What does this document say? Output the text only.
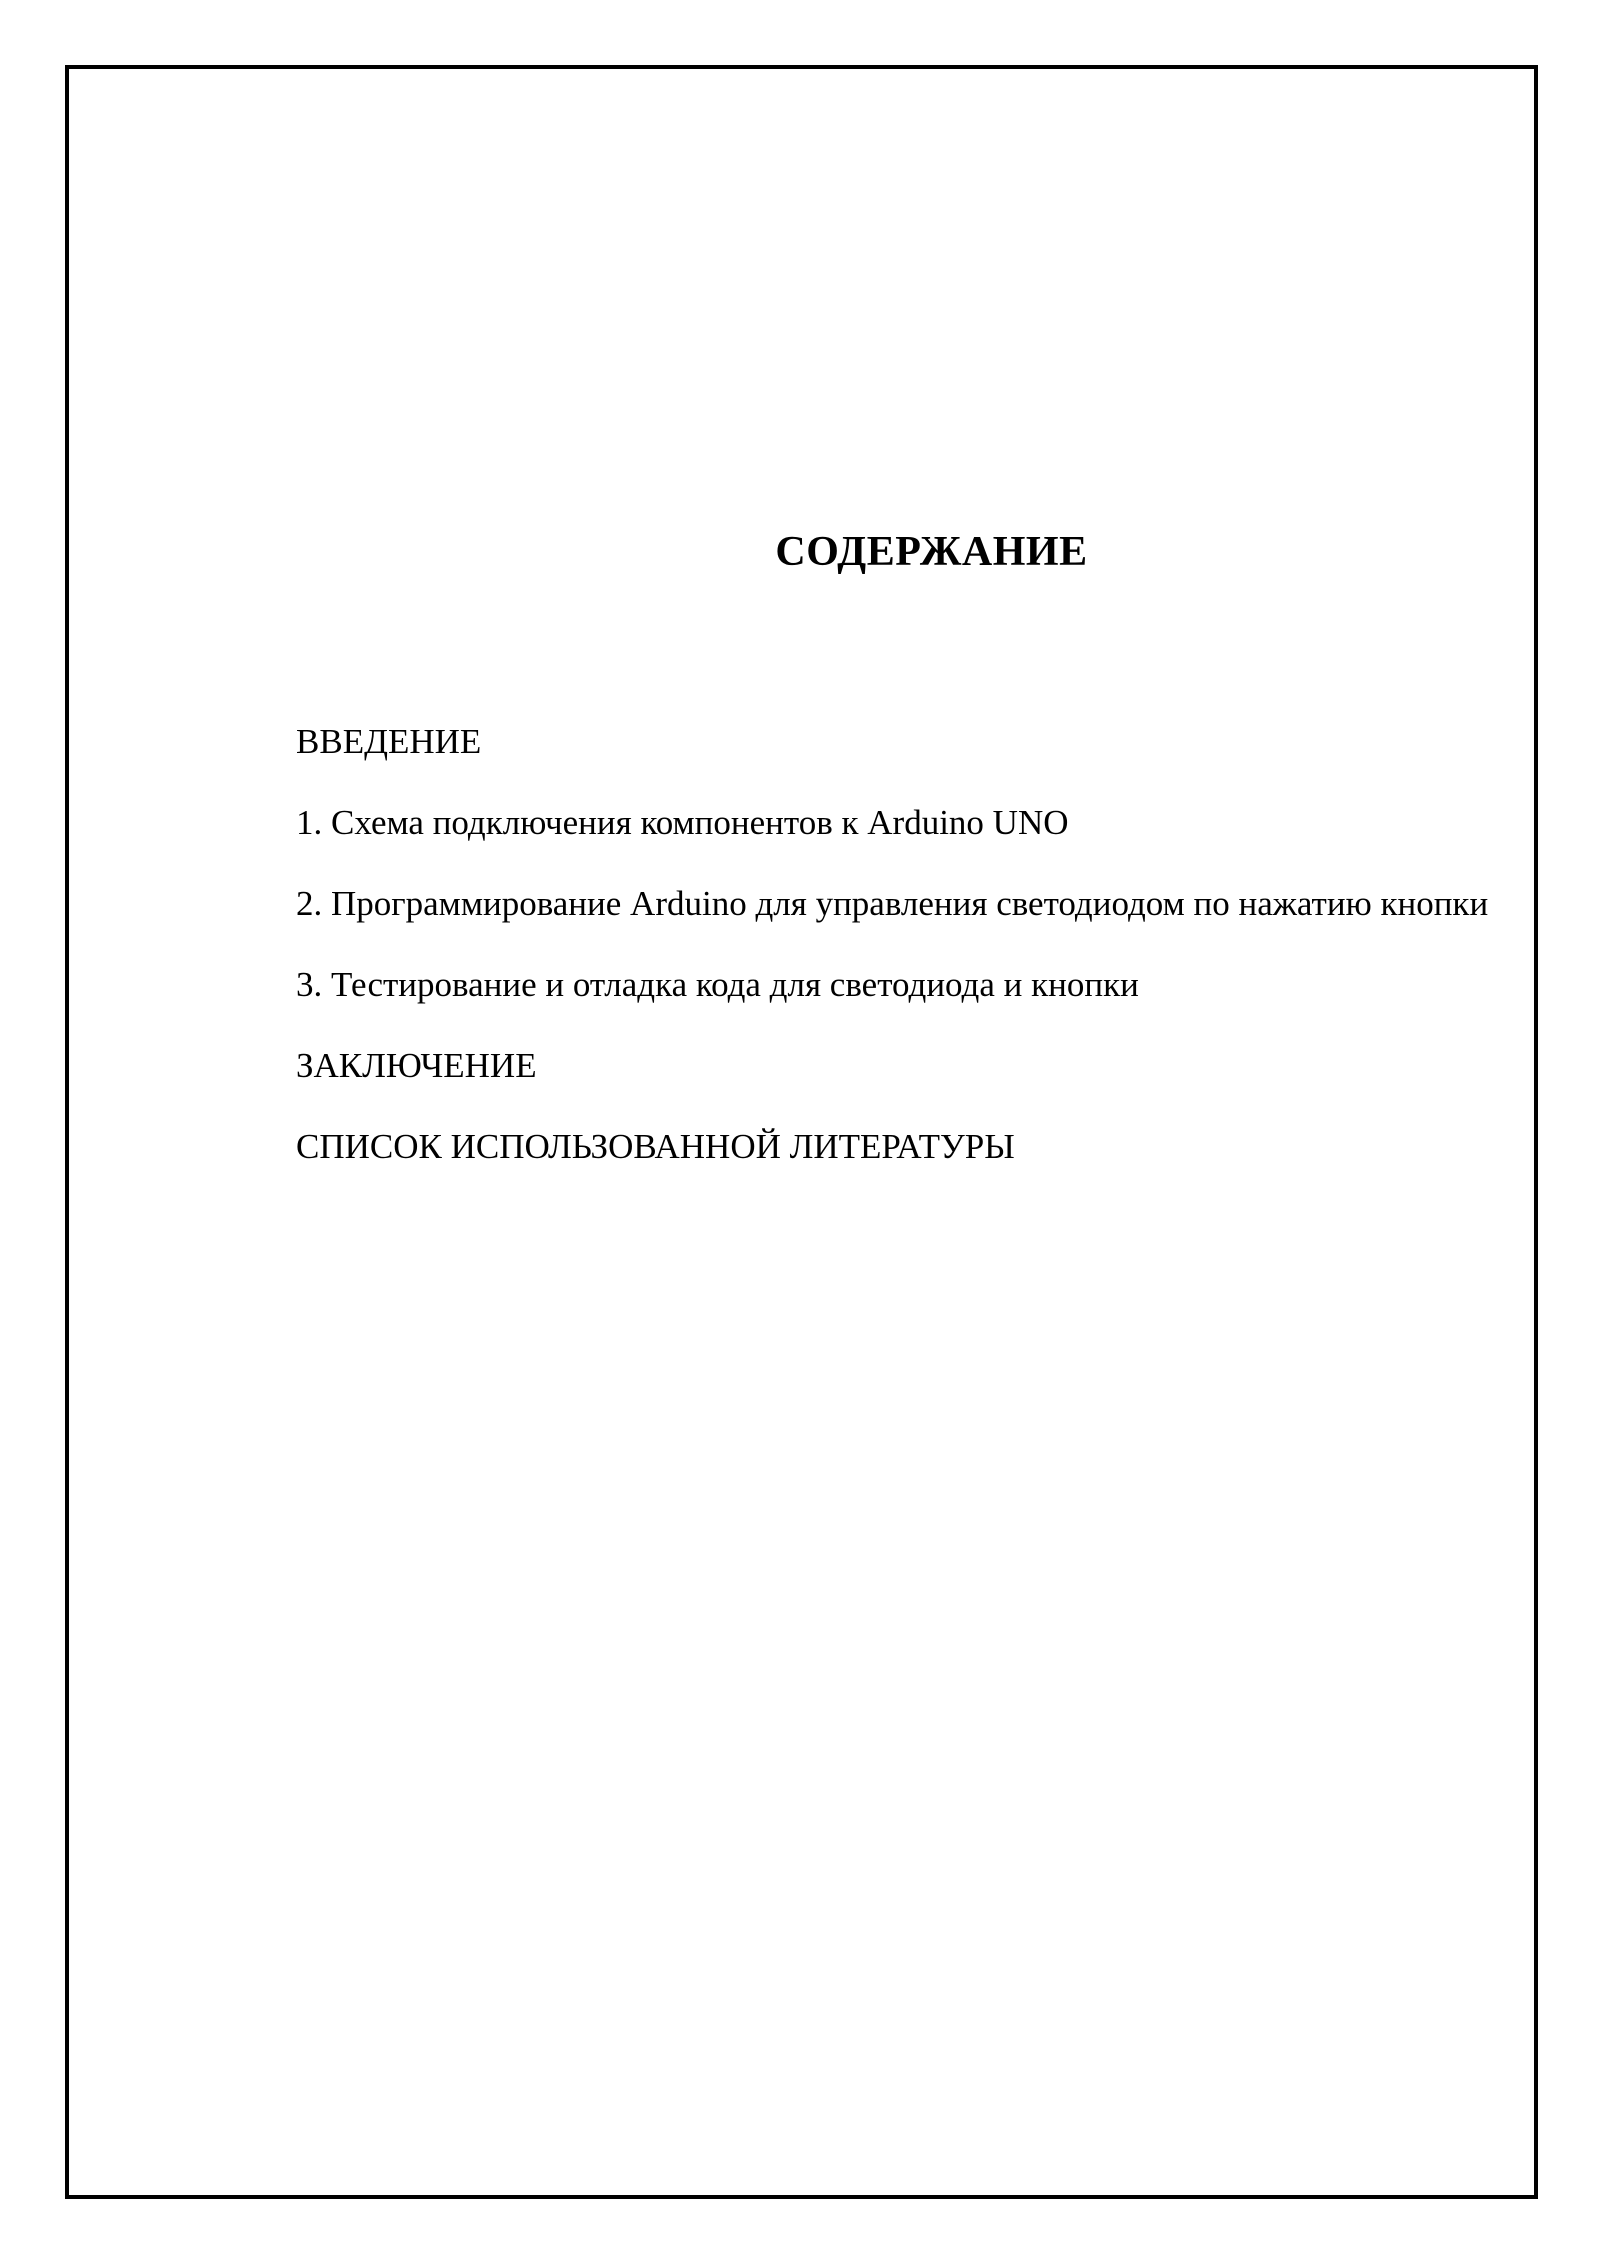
СОДЕРЖАНИЕ
ВВЕДЕНИЕ
1. Схема подключения компонентов к Arduino UNO
2. Программирование Arduino для управления светодиодом по нажатию кнопки
3. Тестирование и отладка кода для светодиода и кнопки
ЗАКЛЮЧЕНИЕ
СПИСОК ИСПОЛЬЗОВАННОЙ ЛИТЕРАТУРЫ
